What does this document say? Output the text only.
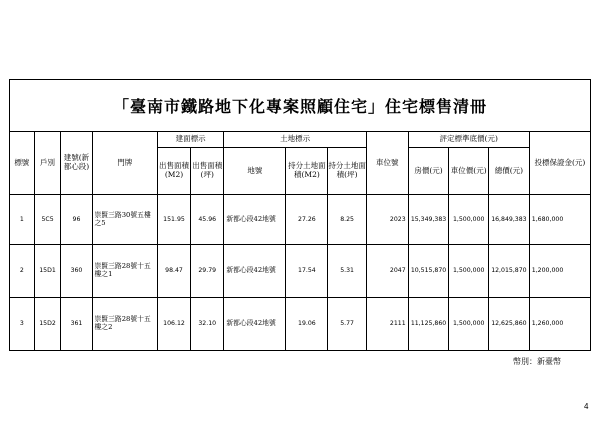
「臺南市鐵路地下化專案照顧住宅」住宅標售清冊
標號	戶別	建號(新都心段)	門牌	建面標示		土地標示			車位號	評定標準底價(元)			投標保證金(元)
				出售面積(M2)	出售面積(坪)	地號	持分土地面積(M2)	持分土地面積(坪)		房價(元)	車位價(元)	總價(元)	
1	5C5	96	崇賢三路30號五樓之5	151.95	45.96	新都心段42地號	27.26	8.25	2023	15,349,383	1,500,000	16,849,383	1,680,000
2	15D1	360	崇賢三路28號十五樓之1	98.47	29.79	新都心段42地號	17.54	5.31	2047	10,515,870	1,500,000	12,015,870	1,200,000
3	15D2	361	崇賢三路28號十五樓之2	106.12	32.10	新都心段42地號	19.06	5.77	2111	11,125,860	1,500,000	12,625,860	1,260,000
幣別：新臺幣
4
